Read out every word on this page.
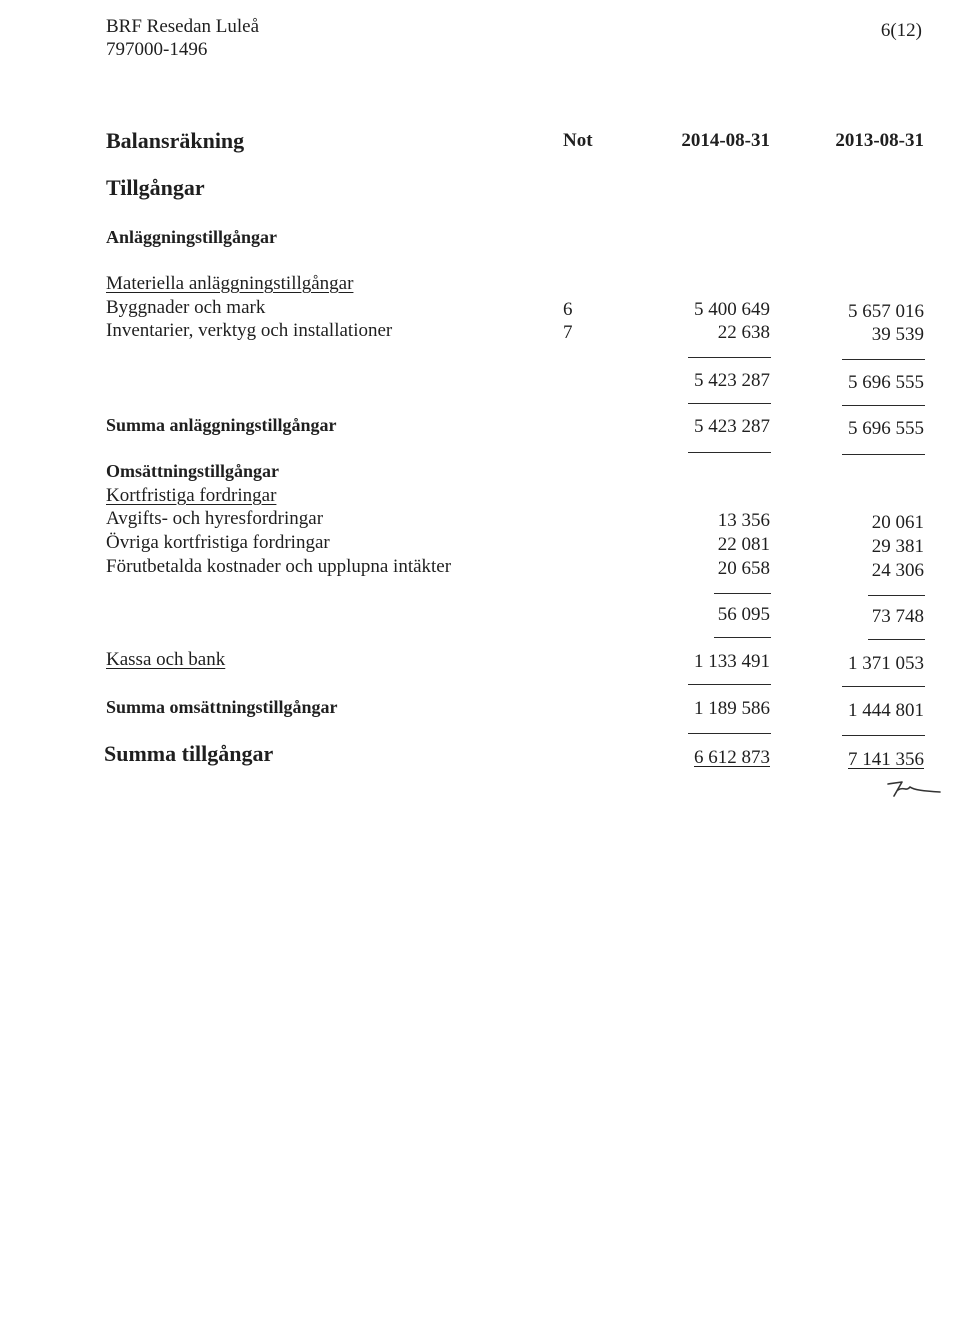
BRF Resedan Luleå
797000-1496
6(12)
Balansräkning	Not	2014-08-31	2013-08-31
Tillgångar
Anläggningstillgångar
Materiella anläggningstillgångar
Byggnader och mark	6	5 400 649	5 657 016
Inventarier, verktyg och installationer	7	22 638	39 539
5 423 287	5 696 555
Summa anläggningstillgångar	5 423 287	5 696 555
Omsättningstillgångar
Kortfristiga fordringar
Avgifts- och hyresfordringar	13 356	20 061
Övriga kortfristiga fordringar	22 081	29 381
Förutbetalda kostnader och upplupna intäkter	20 658	24 306
56 095	73 748
Kassa och bank	1 133 491	1 371 053
Summa omsättningstillgångar	1 189 586	1 444 801
Summa tillgångar	6 612 873	7 141 356
